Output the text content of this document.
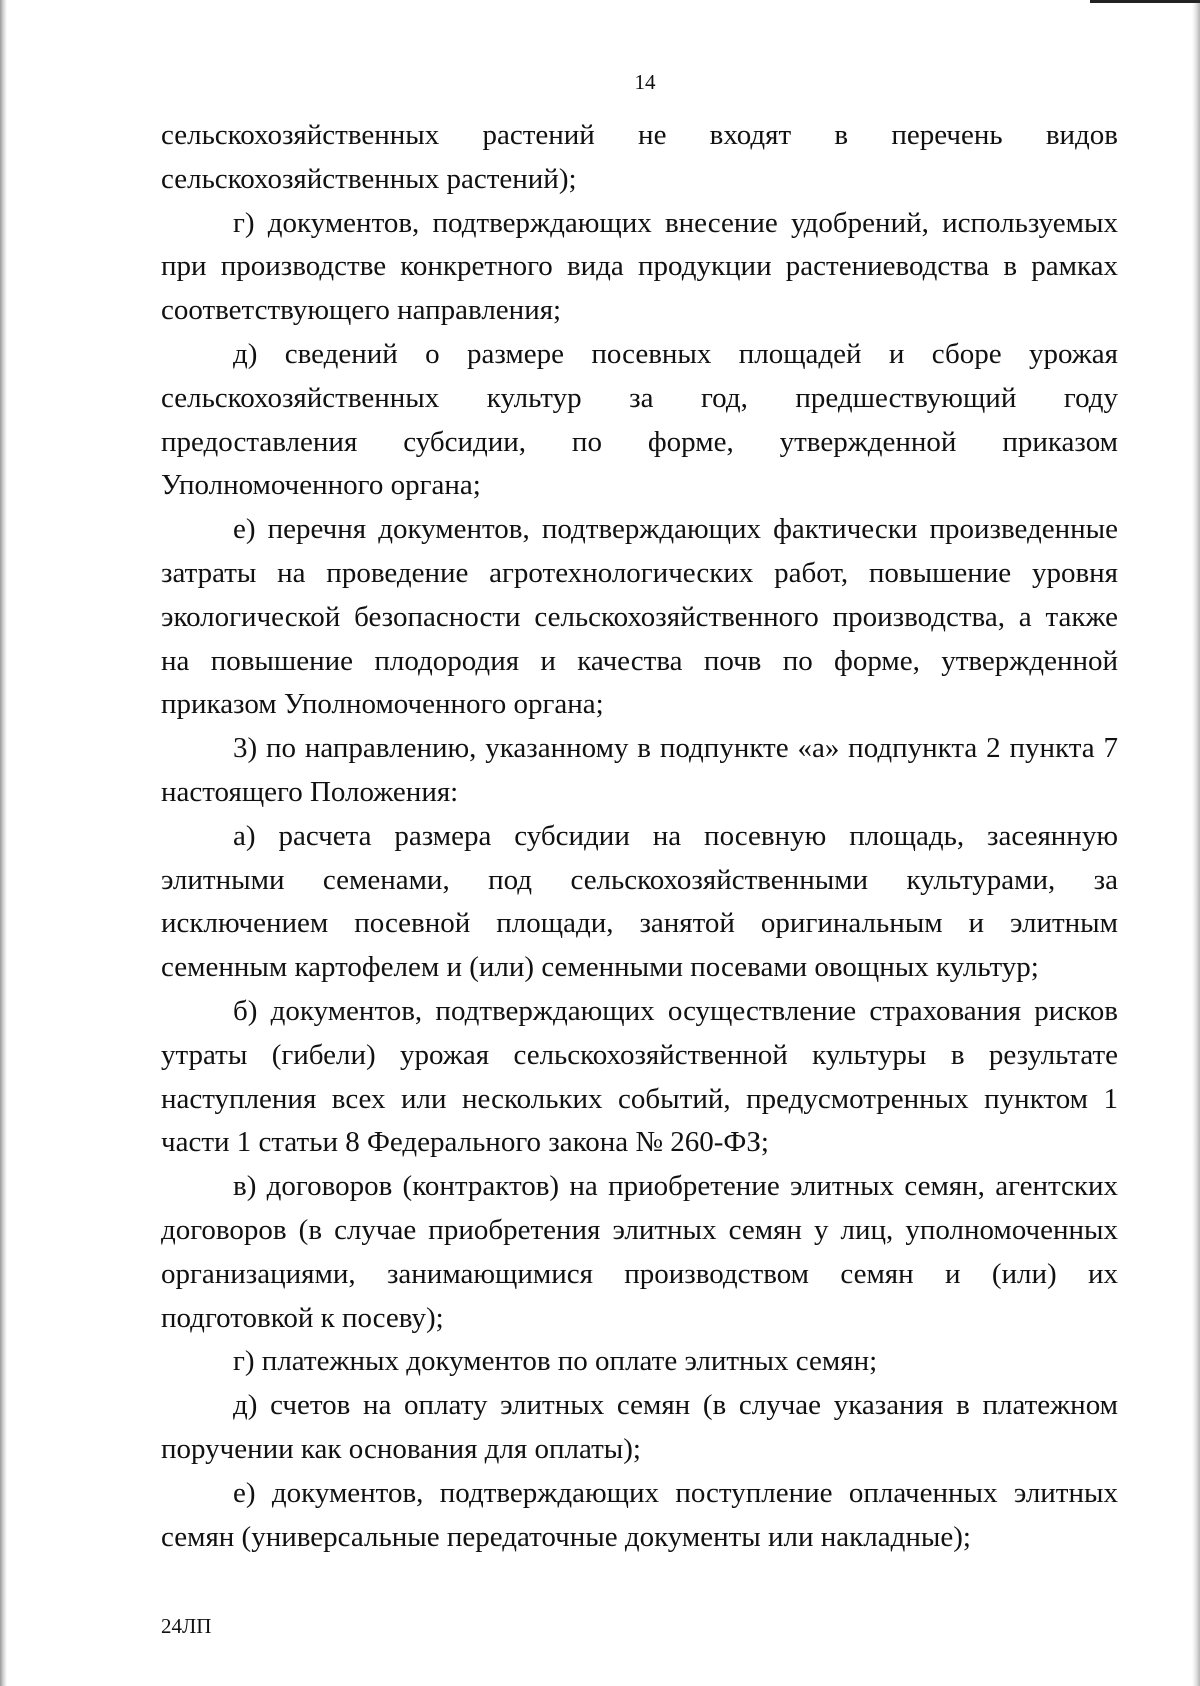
14

сельскохозяйственных растений не входят в перечень видов сельскохозяйственных растений);

г) документов, подтверждающих внесение удобрений, используемых при производстве конкретного вида продукции растениеводства в рамках соответствующего направления;

д) сведений о размере посевных площадей и сборе урожая сельскохозяйственных культур за год, предшествующий году предоставления субсидии, по форме, утвержденной приказом Уполномоченного органа;

е) перечня документов, подтверждающих фактически произведенные затраты на проведение агротехнологических работ, повышение уровня экологической безопасности сельскохозяйственного производства, а также на повышение плодородия и качества почв по форме, утвержденной приказом Уполномоченного органа;

3) по направлению, указанному в подпункте «а» подпункта 2 пункта 7 настоящего Положения:

а) расчета размера субсидии на посевную площадь, засеянную элитными семенами, под сельскохозяйственными культурами, за исключением посевной площади, занятой оригинальным и элитным семенным картофелем и (или) семенными посевами овощных культур;

б) документов, подтверждающих осуществление страхования рисков утраты (гибели) урожая сельскохозяйственной культуры в результате наступления всех или нескольких событий, предусмотренных пунктом 1 части 1 статьи 8 Федерального закона № 260-ФЗ;

в) договоров (контрактов) на приобретение элитных семян, агентских договоров (в случае приобретения элитных семян у лиц, уполномоченных организациями, занимающимися производством семян и (или) их подготовкой к посеву);

г) платежных документов по оплате элитных семян;

д) счетов на оплату элитных семян (в случае указания в платежном поручении как основания для оплаты);

е) документов, подтверждающих поступление оплаченных элитных семян (универсальные передаточные документы или накладные);

24ЛП
